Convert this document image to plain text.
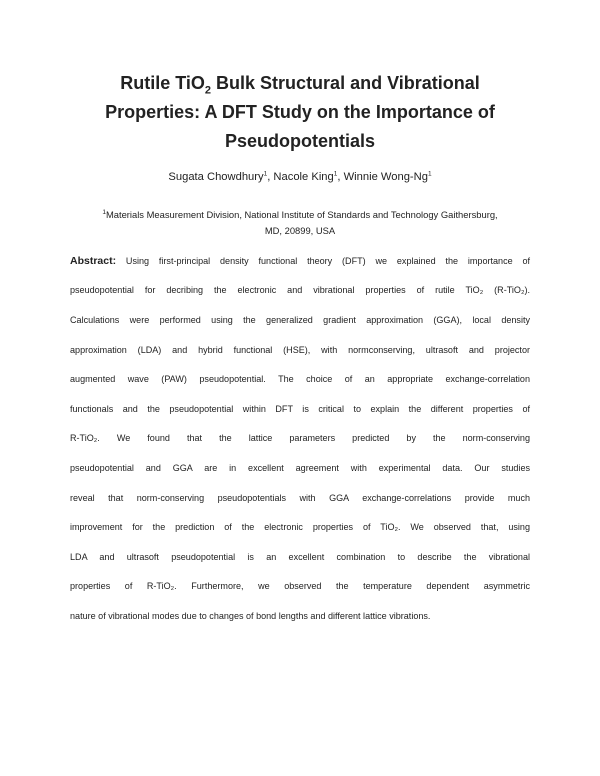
Rutile TiO$_2$ Bulk Structural and Vibrational
Properties: A DFT Study on the Importance of
Pseudopotentials
Sugata Chowdhury$^1$, Nacole King$^1$, Winnie Wong-Ng$^1$
$^1$Materials Measurement Division, National Institute of Standards and Technology Gaithersburg,
MD, 20899, USA
Abstract: Using first-principal density functional theory (DFT) we explained the importance of
pseudopotential for decribing the electronic and vibrational properties of rutile TiO₂ (R-TiO₂).
Calculations were performed using the generalized gradient approximation (GGA), local density
approximation (LDA) and hybrid functional (HSE), with normconserving, ultrasoft and projector
augmented wave (PAW) pseudopotential. The choice of an appropriate exchange-correlation
functionals and the pseudopotential within DFT is critical to explain the different properties of
R-TiO₂. We found that the lattice parameters predicted by the norm-conserving
pseudopotential and GGA are in excellent agreement with experimental data. Our studies
reveal that norm-conserving pseudopotentials with GGA exchange-correlations provide much
improvement for the prediction of the electronic properties of TiO₂. We observed that, using
LDA and ultrasoft pseudopotential is an excellent combination to describe the vibrational
properties of R-TiO₂. Furthermore, we observed the temperature dependent asymmetric
nature of vibrational modes due to changes of bond lengths and different lattice vibrations.
